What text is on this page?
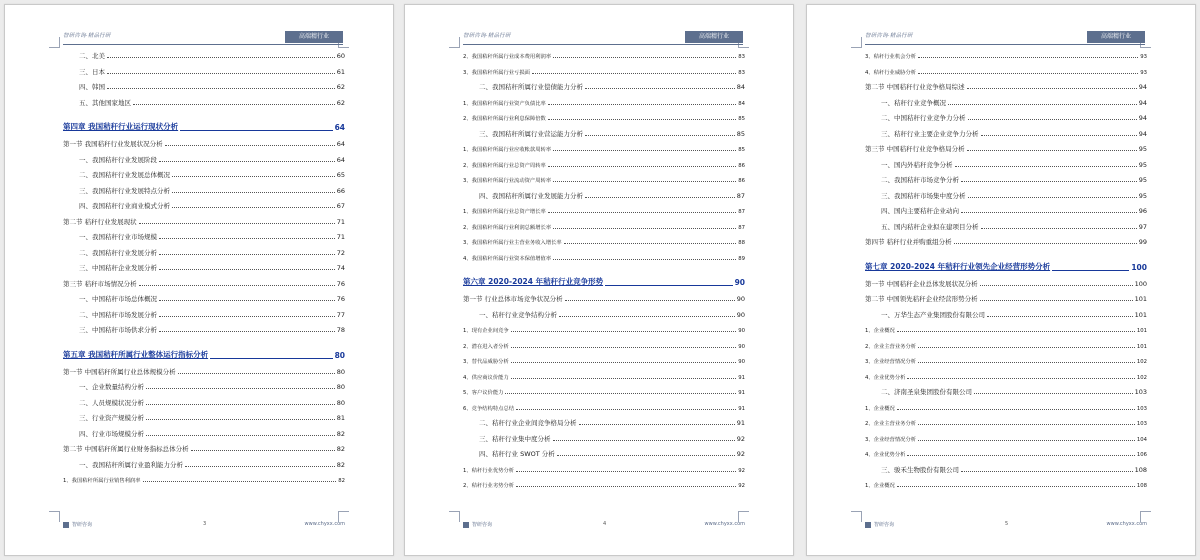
智研咨询·精品行研	高端精行业
二、北美	60
三、日本	61
四、韩国	62
五、其他国家地区	62
第四章 我国秸秆行业运行现状分析	64
第一节 我国秸秆行业发展状况分析	64
一、我国秸秆行业发展阶段	64
二、我国秸秆行业发展总体概况	65
三、我国秸秆行业发展特点分析	66
四、我国秸秆行业商业模式分析	67
第二节 秸秆行业发展现状	71
一、我国秸秆行业市场规模	71
二、我国秸秆行业发展分析	72
三、中国秸秆企业发展分析	74
第三节 秸秆市场情况分析	76
一、中国秸秆市场总体概况	76
二、中国秸秆市场发展分析	77
三、中国秸秆市场供求分析	78
第五章 我国秸秆所属行业整体运行指标分析	80
第一节 中国秸秆所属行业总体规模分析	80
一、企业数量结构分析	80
二、人员规模状况分析	80
三、行业资产规模分析	81
四、行业市场规模分析	82
第二节 中国秸秆所属行业财务指标总体分析	82
一、我国秸秆所属行业盈利能力分析	82
1、我国秸秆所属行业销售利润率	82
智研咨询	3	www.chyxx.com
智研咨询·精品行研	高端精行业
2、我国秸秆所属行业成本费用利润率	83
3、我国秸秆所属行业亏损面	83
二、我国秸秆所属行业偿债能力分析	84
1、我国秸秆所属行业资产负债比率	84
2、我国秸秆所属行业利息保障倍数	85
三、我国秸秆所属行业营运能力分析	85
1、我国秸秆所属行业应收帐款周转率	85
2、我国秸秆所属行业总资产周转率	86
3、我国秸秆所属行业流动资产周转率	86
四、我国秸秆所属行业发展能力分析	87
1、我国秸秆所属行业总资产增长率	87
2、我国秸秆所属行业利润总额增长率	87
3、我国秸秆所属行业主营业务收入增长率	88
4、我国秸秆所属行业资本保值增值率	89
第六章 2020-2024 年秸秆行业竞争形势	90
第一节 行业总体市场竞争状况分析	90
一、秸秆行业竞争结构分析	90
1、现有企业间竞争	90
2、潜在进入者分析	90
3、替代品威胁分析	90
4、供应商议价能力	91
5、客户议价能力	91
6、竞争结构特点总结	91
二、秸秆行业企业间竞争格局分析	91
三、秸秆行业集中度分析	92
四、秸秆行业 SWOT 分析	92
1、秸秆行业优势分析	92
2、秸秆行业劣势分析	92
智研咨询	4	www.chyxx.com
智研咨询·精品行研	高端精行业
3、秸秆行业机会分析	93
4、秸秆行业威胁分析	93
第二节 中国秸秆行业竞争格局综述	94
一、秸秆行业竞争概况	94
二、中国秸秆行业竞争力分析	94
三、秸秆行业主要企业竞争力分析	94
第三节 中国秸秆行业竞争格局分析	95
一、国内外秸秆竞争分析	95
二、我国秸秆市场竞争分析	95
三、我国秸秆市场集中度分析	95
四、国内主要秸秆企业动向	96
五、国内秸秆企业拟在建项目分析	97
第四节 秸秆行业并购重组分析	99
第七章 2020-2024 年秸秆行业领先企业经营形势分析	100
第一节 中国秸秆企业总体发展状况分析	100
第二节 中国领先秸秆企业经营形势分析	101
一、万华生态产业集团股份有限公司	101
1、企业概况	101
2、企业主营业务分析	101
3、企业经营情况分析	102
4、企业优势分析	102
二、济南圣泉集团股份有限公司	103
1、企业概况	103
2、企业主营业务分析	103
3、企业经营情况分析	104
4、企业优势分析	106
三、骏禾生物股份有限公司	108
1、企业概况	108
智研咨询	5	www.chyxx.com
